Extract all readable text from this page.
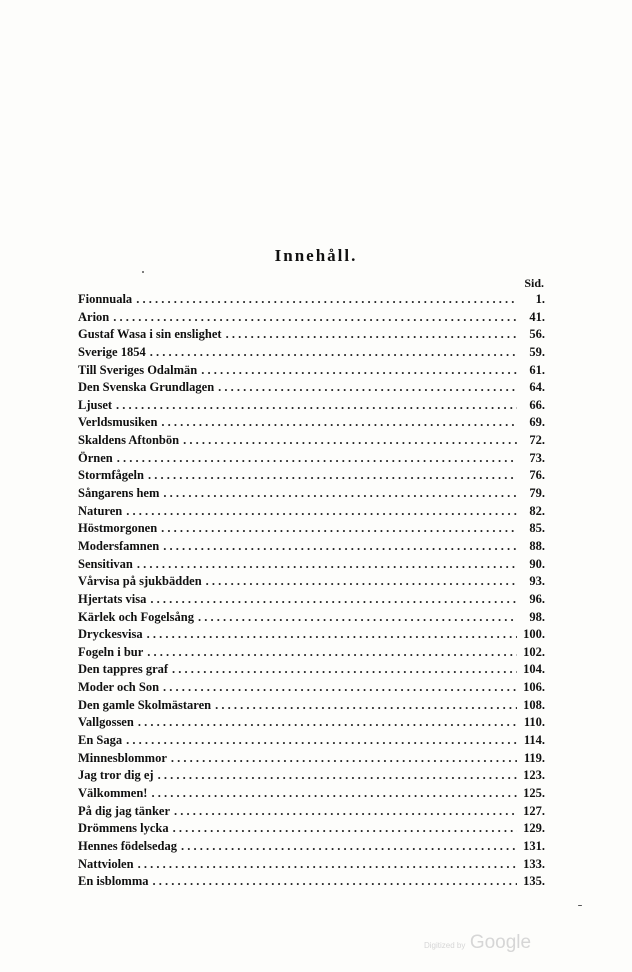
Innehåll.
Sid.
Fionnuala . . .	1.
Arion . . .	41.
Gustaf Wasa i sin enslighet . . .	56.
Sverige 1854 . . .	59.
Till Sveriges Odalmän . . .	61.
Den Svenska Grundlagen . . .	64.
Ljuset . . .	66.
Verldsmusiken . . .	69.
Skaldens Aftonbön . . .	72.
Örnen . . .	73.
Stormfågeln . . .	76.
Sångarens hem . . .	79.
Naturen . . .	82.
Höstmorgonen . . .	85.
Modersfamnen . . .	88.
Sensitivan . . .	90.
Vårvisa på sjukbädden . . .	93.
Hjertats visa . . .	96.
Kärlek och Fogelsång . . .	98.
Dryckesvisa . . .	100.
Fogeln i bur . . .	102.
Den tappres graf . . .	104.
Moder och Son . . .	106.
Den gamle Skolmästaren . . .	108.
Vallgossen . . .	110.
En Saga . . .	114.
Minnesblommor . . .	119.
Jag tror dig ej . . .	123.
Välkommen! . . .	125.
På dig jag tänker . . .	127.
Drömmens lycka . . .	129.
Hennes födelsedag . . .	131.
Nattviolen . . .	133.
En isblomma . . .	135.
Digitized by Google
